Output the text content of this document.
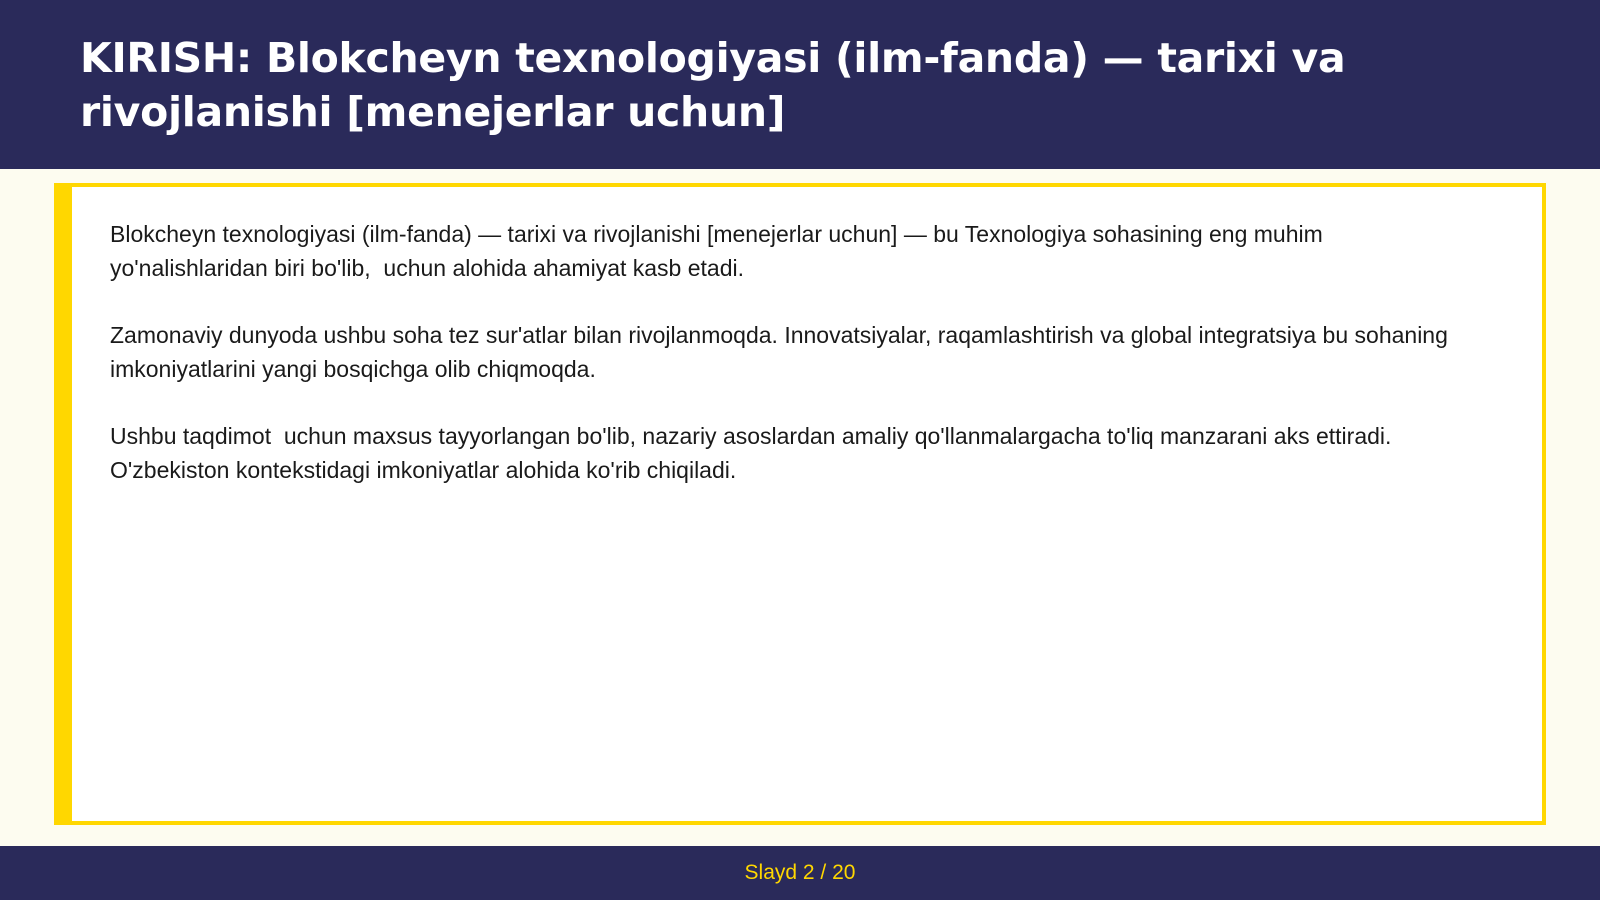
KIRISH: Blokcheyn texnologiyasi (ilm-fanda) — tarixi va rivojlanishi [menejerlar uchun]

Blokcheyn texnologiyasi (ilm-fanda) — tarixi va rivojlanishi [menejerlar uchun] — bu Texnologiya sohasining eng muhim yo'nalishlaridan biri bo'lib,  uchun alohida ahamiyat kasb etadi.

Zamonaviy dunyoda ushbu soha tez sur'atlar bilan rivojlanmoqda. Innovatsiyalar, raqamlashtirish va global integratsiya bu sohaning imkoniyatlarini yangi bosqichga olib chiqmoqda.

Ushbu taqdimot  uchun maxsus tayyorlangan bo'lib, nazariy asoslardan amaliy qo'llanmalargacha to'liq manzarani aks ettiradi. O'zbekiston kontekstidagi imkoniyatlar alohida ko'rib chiqiladi.

Slayd 2 / 20
